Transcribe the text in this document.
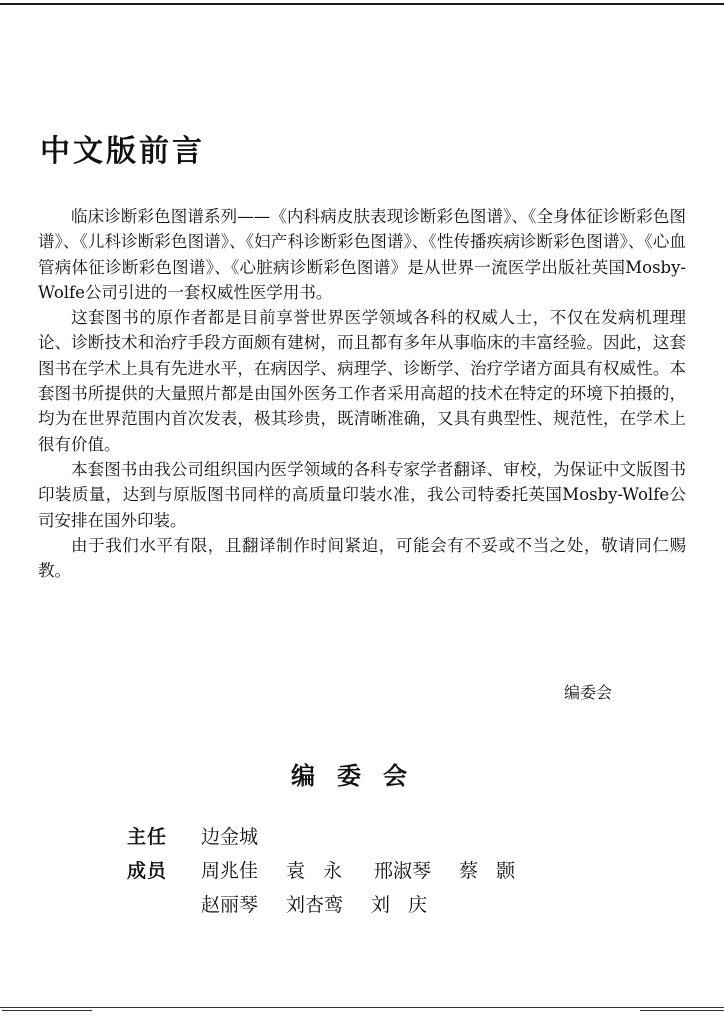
中文版前言

临床诊断彩色图谱系列——《内科病皮肤表现诊断彩色图谱》、《全身体征诊断彩色图谱》、《儿科诊断彩色图谱》、《妇产科诊断彩色图谱》、《性传播疾病诊断彩色图谱》、《心血管病体征诊断彩色图谱》、《心脏病诊断彩色图谱》是从世界一流医学出版社英国Mosby-Wolfe公司引进的一套权威性医学用书。

这套图书的原作者都是目前享誉世界医学领域各科的权威人士，不仅在发病机理理论、诊断技术和治疗手段方面颇有建树，而且都有多年从事临床的丰富经验。因此，这套图书在学术上具有先进水平，在病因学、病理学、诊断学、治疗学诸方面具有权威性。本套图书所提供的大量照片都是由国外医务工作者采用高超的技术在特定的环境下拍摄的，均为在世界范围内首次发表，极其珍贵，既清晰准确，又具有典型性、规范性，在学术上很有价值。

本套图书由我公司组织国内医学领域的各科专家学者翻译、审校，为保证中文版图书印装质量，达到与原版图书同样的高质量印装水准，我公司特委托英国Mosby-Wolfe公司安排在国外印装。

由于我们水平有限，且翻译制作时间紧迫，可能会有不妥或不当之处，敬请同仁赐教。

编委会
编委会
主任	边金城
成员	周兆佳 袁永 邢淑琴 蔡颢
赵丽琴 刘杏鸾 刘庆
